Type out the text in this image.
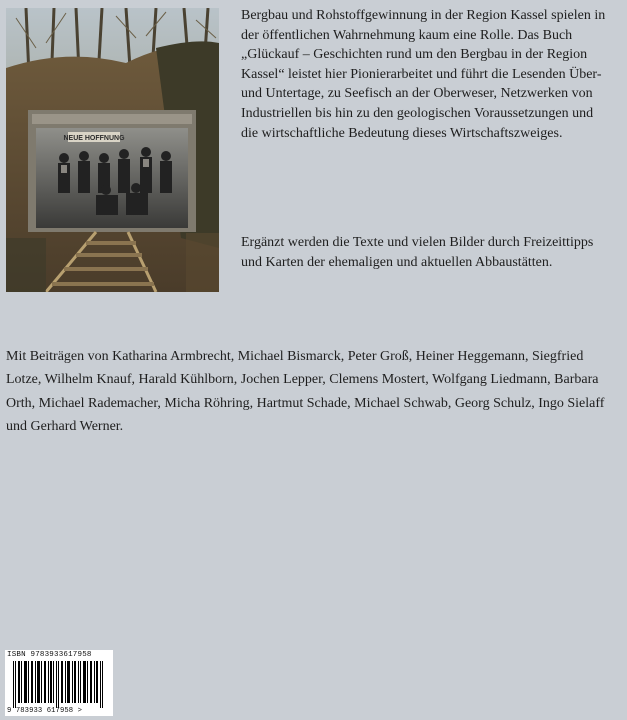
NEUE HOFFNUNG

Bergbau und Rohstoffgewinnung in der Region Kassel spielen in der öffentlichen Wahrnehmung kaum eine Rolle. Das Buch „Glückauf – Geschichten rund um den Bergbau in der Region Kassel“ leistet hier Pionierarbeitet und führt die Lesenden Über- und Untertage, zu Seefisch an der Oberweser, Netzwerken von Industriellen bis hin zu den geologischen Voraussetzungen und die wirtschaftliche Bedeutung dieses Wirtschaftszweiges.

Ergänzt werden die Texte und vielen Bilder durch Freizeittipps und Karten der ehemaligen und aktuellen Abbaustätten.

Mit Beiträgen von Katharina Armbrecht, Michael Bismarck, Peter Groß, Heiner Heggemann, Siegfried Lotze, Wilhelm Knauf, Harald Kühlborn, Jochen Lepper, Clemens Mostert, Wolfgang Liedmann, Barbara Orth, Michael Rademacher, Micha Röhring, Hartmut Schade, Michael Schwab, Georg Schulz, Ingo Sielaff und Gerhard Werner.

ISBN 9783933617958
9 783933 617958 >
